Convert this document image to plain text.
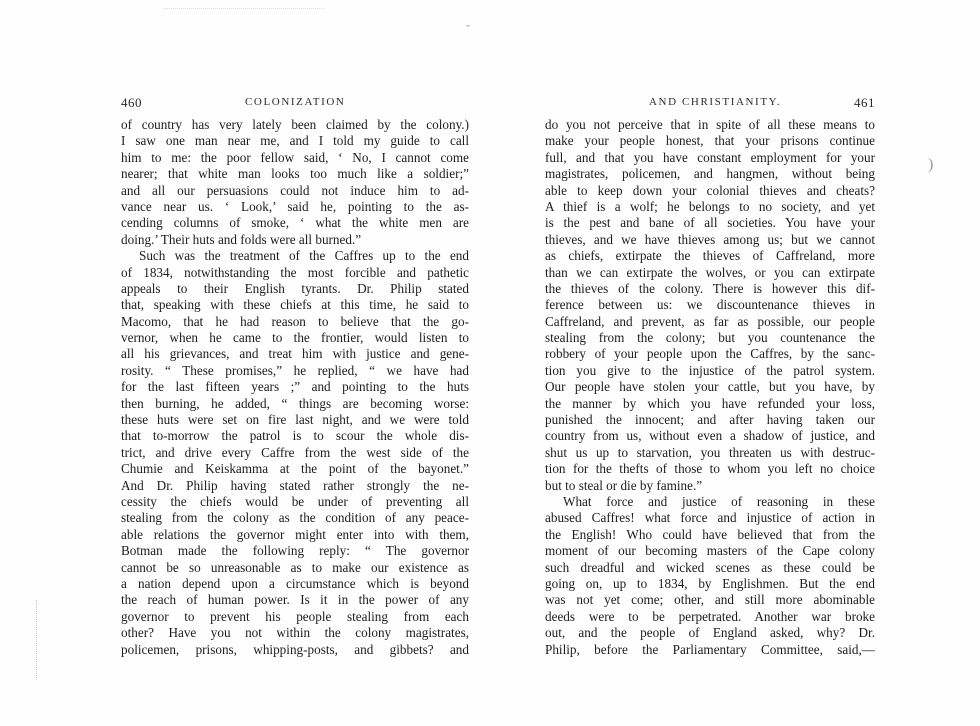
ˇ
)
460	COLONIZATION
of country has very lately been claimed by the colony.)
I saw one man near me, and I told my guide to call
him to me: the poor fellow said, ‘ No, I cannot come
nearer; that white man looks too much like a soldier;”
and all our persuasions could not induce him to ad-
vance near us. ‘ Look,’ said he, pointing to the as-
cending columns of smoke, ‘ what the white men are
doing.’ Their huts and folds were all burned.”
Such was the treatment of the Caffres up to the end
of 1834, notwithstanding the most forcible and pathetic
appeals to their English tyrants. Dr. Philip stated
that, speaking with these chiefs at this time, he said to
Macomo, that he had reason to believe that the go-
vernor, when he came to the frontier, would listen to
all his grievances, and treat him with justice and gene-
rosity. “ These promises,” he replied, “ we have had
for the last fifteen years ;” and pointing to the huts
then burning, he added, “ things are becoming worse:
these huts were set on fire last night, and we were told
that to-morrow the patrol is to scour the whole dis-
trict, and drive every Caffre from the west side of the
Chumie and Keiskamma at the point of the bayonet.”
And Dr. Philip having stated rather strongly the ne-
cessity the chiefs would be under of preventing all
stealing from the colony as the condition of any peace-
able relations the governor might enter into with them,
Botman made the following reply: “ The governor
cannot be so unreasonable as to make our existence as
a nation depend upon a circumstance which is beyond
the reach of human power. Is it in the power of any
governor to prevent his people stealing from each
other? Have you not within the colony magistrates,
policemen, prisons, whipping-posts, and gibbets? and
AND CHRISTIANITY.	461
do you not perceive that in spite of all these means to
make your people honest, that your prisons continue
full, and that you have constant employment for your
magistrates, policemen, and hangmen, without being
able to keep down your colonial thieves and cheats?
A thief is a wolf; he belongs to no society, and yet
is the pest and bane of all societies. You have your
thieves, and we have thieves among us; but we cannot
as chiefs, extirpate the thieves of Caffreland, more
than we can extirpate the wolves, or you can extirpate
the thieves of the colony. There is however this dif-
ference between us: we discountenance thieves in
Caffreland, and prevent, as far as possible, our people
stealing from the colony; but you countenance the
robbery of your people upon the Caffres, by the sanc-
tion you give to the injustice of the patrol system.
Our people have stolen your cattle, but you have, by
the manner by which you have refunded your loss,
punished the innocent; and after having taken our
country from us, without even a shadow of justice, and
shut us up to starvation, you threaten us with destruc-
tion for the thefts of those to whom you left no choice
but to steal or die by famine.”
What force and justice of reasoning in these
abused Caffres! what force and injustice of action in
the English! Who could have believed that from the
moment of our becoming masters of the Cape colony
such dreadful and wicked scenes as these could be
going on, up to 1834, by Englishmen. But the end
was not yet come; other, and still more abominable
deeds were to be perpetrated. Another war broke
out, and the people of England asked, why? Dr.
Philip, before the Parliamentary Committee, said,—
